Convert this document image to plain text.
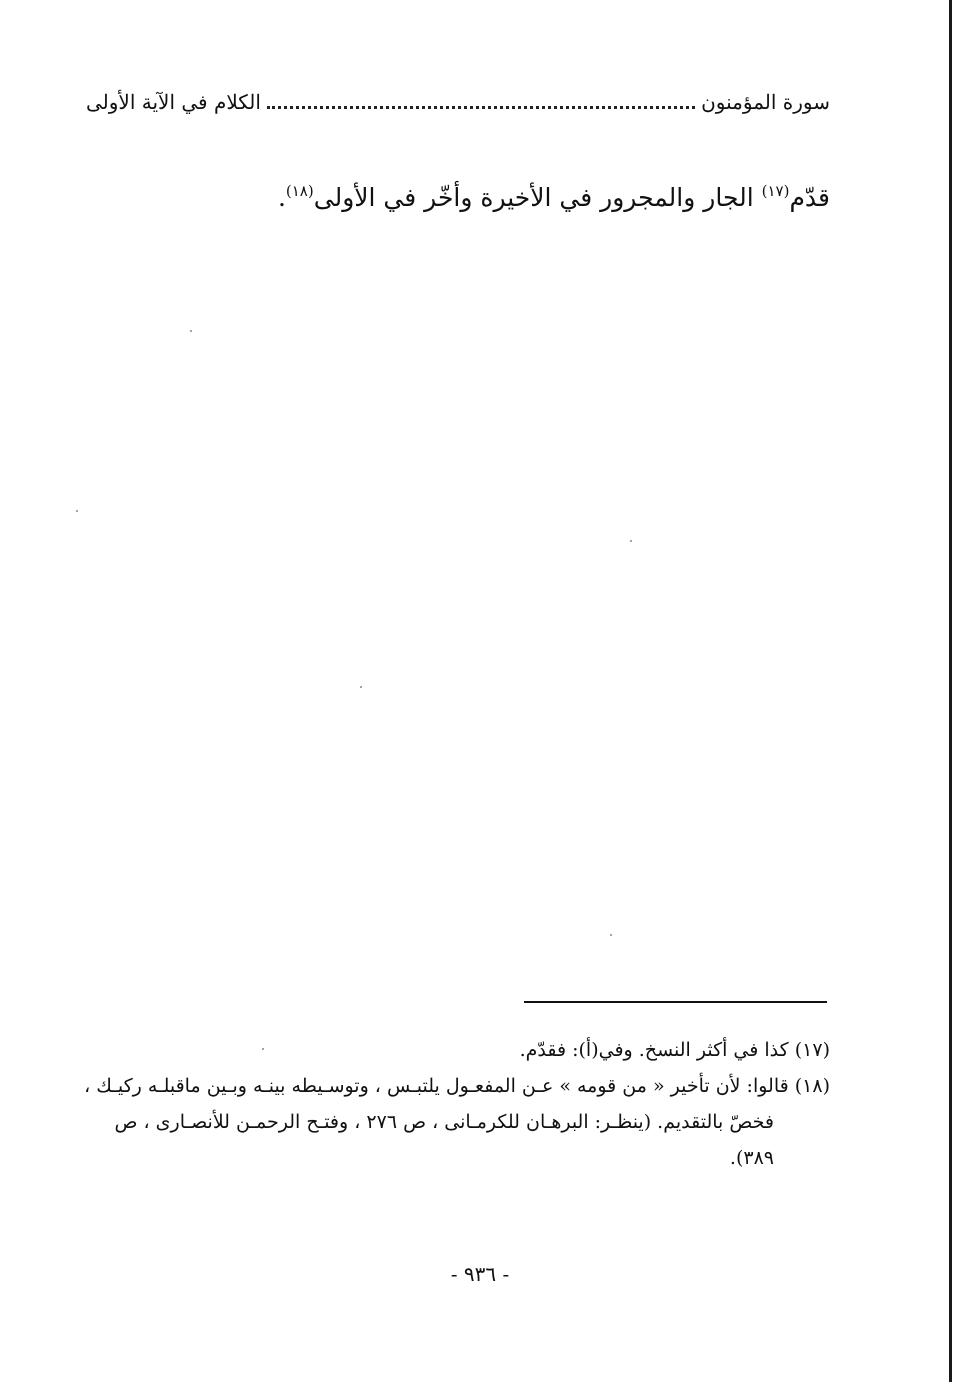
سورة المؤمنون
الكلام في الآية الأولى

قدّم$^{(١٧)}$ الجار والمجرور في الأخيرة وأخّر في الأولى$^{(١٨)}$.

(١٧) كذا في أكثر النسخ. وفي(أ): فقدّم.

(١٨) قالوا: لأن تأخير « من قومه » عـن المفعـول يلتبـس ، وتوسـيطه بينـه وبـين ماقبلـه ركيـك ،
فخصّ بالتقديم. (ينظـر: البرهـان للكرمـانى ، ص ٢٧٦ ، وفتـح الرحمـن للأنصـارى ، ص
٣٨٩).

- ٩٣٦ -
